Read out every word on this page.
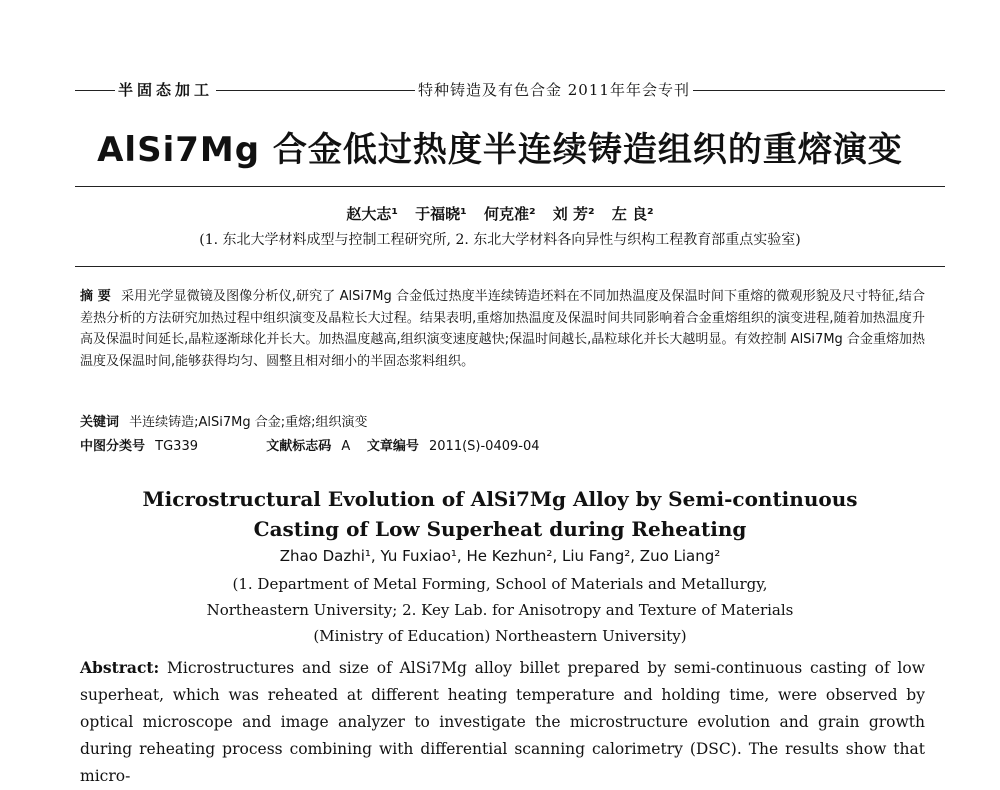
半固态加工	特种铸造及有色合金 2011年年会专刊
AlSi7Mg 合金低过热度半连续铸造组织的重熔演变
赵大志¹ 于福晓¹ 何克准² 刘 芳² 左 良²
(1. 东北大学材料成型与控制工程研究所, 2. 东北大学材料各向异性与织构工程教育部重点实验室)
摘 要 采用光学显微镜及图像分析仪,研究了 AlSi7Mg 合金低过热度半连续铸造坯料在不同加热温度及保温时间下重熔的微观形貌及尺寸特征,结合差热分析的方法研究加热过程中组织演变及晶粒长大过程。结果表明,重熔加热温度及保温时间共同影响着合金重熔组织的演变进程,随着加热温度升高及保温时间延长,晶粒逐渐球化并长大。加热温度越高,组织演变速度越快;保温时间越长,晶粒球化并长大越明显。有效控制 AlSi7Mg 合金重熔加热温度及保温时间,能够获得均匀、圆整且相对细小的半固态浆料组织。
关键词 半连续铸造;AlSi7Mg 合金;重熔;组织演变
中图分类号 TG339	文献标志码 A 文章编号 2011(S)-0409-04
Microstructural Evolution of AlSi7Mg Alloy by Semi-continuous
Casting of Low Superheat during Reheating
Zhao Dazhi¹, Yu Fuxiao¹, He Kezhun², Liu Fang², Zuo Liang²
(1. Department of Metal Forming, School of Materials and Metallurgy,
Northeastern University; 2. Key Lab. for Anisotropy and Texture of Materials
(Ministry of Education) Northeastern University)
Abstract: Microstructures and size of AlSi7Mg alloy billet prepared by semi-continuous casting of low superheat, which was reheated at different heating temperature and holding time, were observed by optical microscope and image analyzer to investigate the microstructure evolution and grain growth during reheating process combining with differential scanning calorimetry (DSC). The results show that micro-
